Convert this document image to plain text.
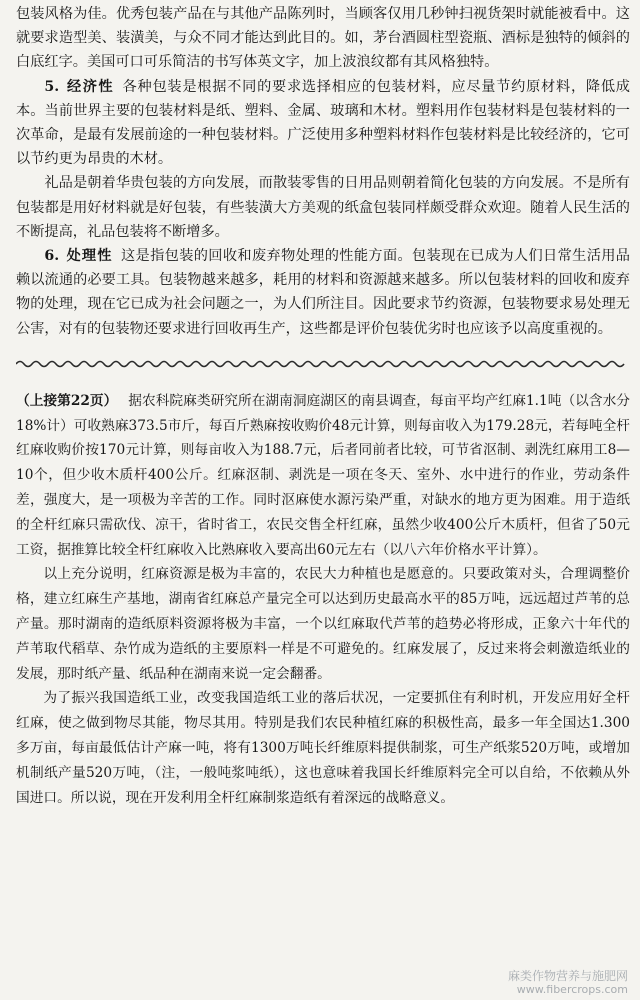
包装风格为佳。优秀包装产品在与其他产品陈列时，当顾客仅用几秒钟扫视货架时就能被看中。这就要求造型美、装潢美，与众不同才能达到此目的。如，茅台酒圆柱型瓷瓶、酒标是独特的倾斜的白底红字。美国可口可乐简洁的书写体英文字，加上波浪纹都有其风格独特。

5. 经济性 各种包装是根据不同的要求选择相应的包装材料，应尽量节约原材料，降低成本。当前世界主要的包装材料是纸、塑料、金属、玻璃和木材。塑料用作包装材料是包装材料的一次革命，是最有发展前途的一种包装材料。广泛使用多种塑料材料作包装材料是比较经济的，它可以节约更为昂贵的木材。

礼品是朝着华贵包装的方向发展，而散装零售的日用品则朝着简化包装的方向发展。不是所有包装都是用好材料就是好包装，有些装潢大方美观的纸盒包装同样颇受群众欢迎。随着人民生活的不断提高，礼品包装将不断增多。

6. 处理性 这是指包装的回收和废弃物处理的性能方面。包装现在已成为人们日常生活用品赖以流通的必要工具。包装物越来越多，耗用的材料和资源越来越多。所以包装材料的回收和废弃物的处理，现在它已成为社会问题之一，为人们所注目。因此要求节约资源，包装物要求易处理无公害，对有的包装物还要求进行回收再生产，这些都是评价包装优劣时也应该予以高度重视的。

（上接第22页） 据农科院麻类研究所在湖南洞庭湖区的南县调查，每亩平均产红麻1.1吨（以含水分18%计）可收熟麻373.5市斤，每百斤熟麻按收购价48元计算，则每亩收入为179.28元，若每吨全杆红麻收购价按170元计算，则每亩收入为188.7元，后者同前者比较，可节省沤制、剥洗红麻用工8—10个，但少收木质杆400公斤。红麻沤制、剥洗是一项在冬天、室外、水中进行的作业，劳动条件差，强度大，是一项极为辛苦的工作。同时沤麻使水源污染严重，对缺水的地方更为困难。用于造纸的全杆红麻只需砍伐、凉干，省时省工，农民交售全杆红麻，虽然少收400公斤木质杆，但省了50元工资，据推算比较全杆红麻收入比熟麻收入要高出60元左右（以八六年价格水平计算）。

以上充分说明，红麻资源是极为丰富的，农民大力种植也是愿意的。只要政策对头，合理调整价格，建立红麻生产基地，湖南省红麻总产量完全可以达到历史最高水平的85万吨，远远超过芦苇的总产量。那时湖南的造纸原料资源将极为丰富，一个以红麻取代芦苇的趋势必将形成，正象六十年代的芦苇取代稻草、杂竹成为造纸的主要原料一样是不可避免的。红麻发展了，反过来将会刺激造纸业的发展，那时纸产量、纸品种在湖南来说一定会翻番。

为了振兴我国造纸工业，改变我国造纸工业的落后状况，一定要抓住有利时机，开发应用好全杆红麻，使之做到物尽其能，物尽其用。特别是我们农民种植红麻的积极性高，最多一年全国达1.300多万亩，每亩最低估计产麻一吨，将有1300万吨长纤维原料提供制浆，可生产纸浆520万吨，或增加机制纸产量520万吨，（注，一般吨浆吨纸），这也意味着我国长纤维原料完全可以自给，不依赖从外国进口。所以说，现在开发利用全杆红麻制浆造纸有着深远的战略意义。

麻类作物营养与施肥网
www.fibercrops.com
